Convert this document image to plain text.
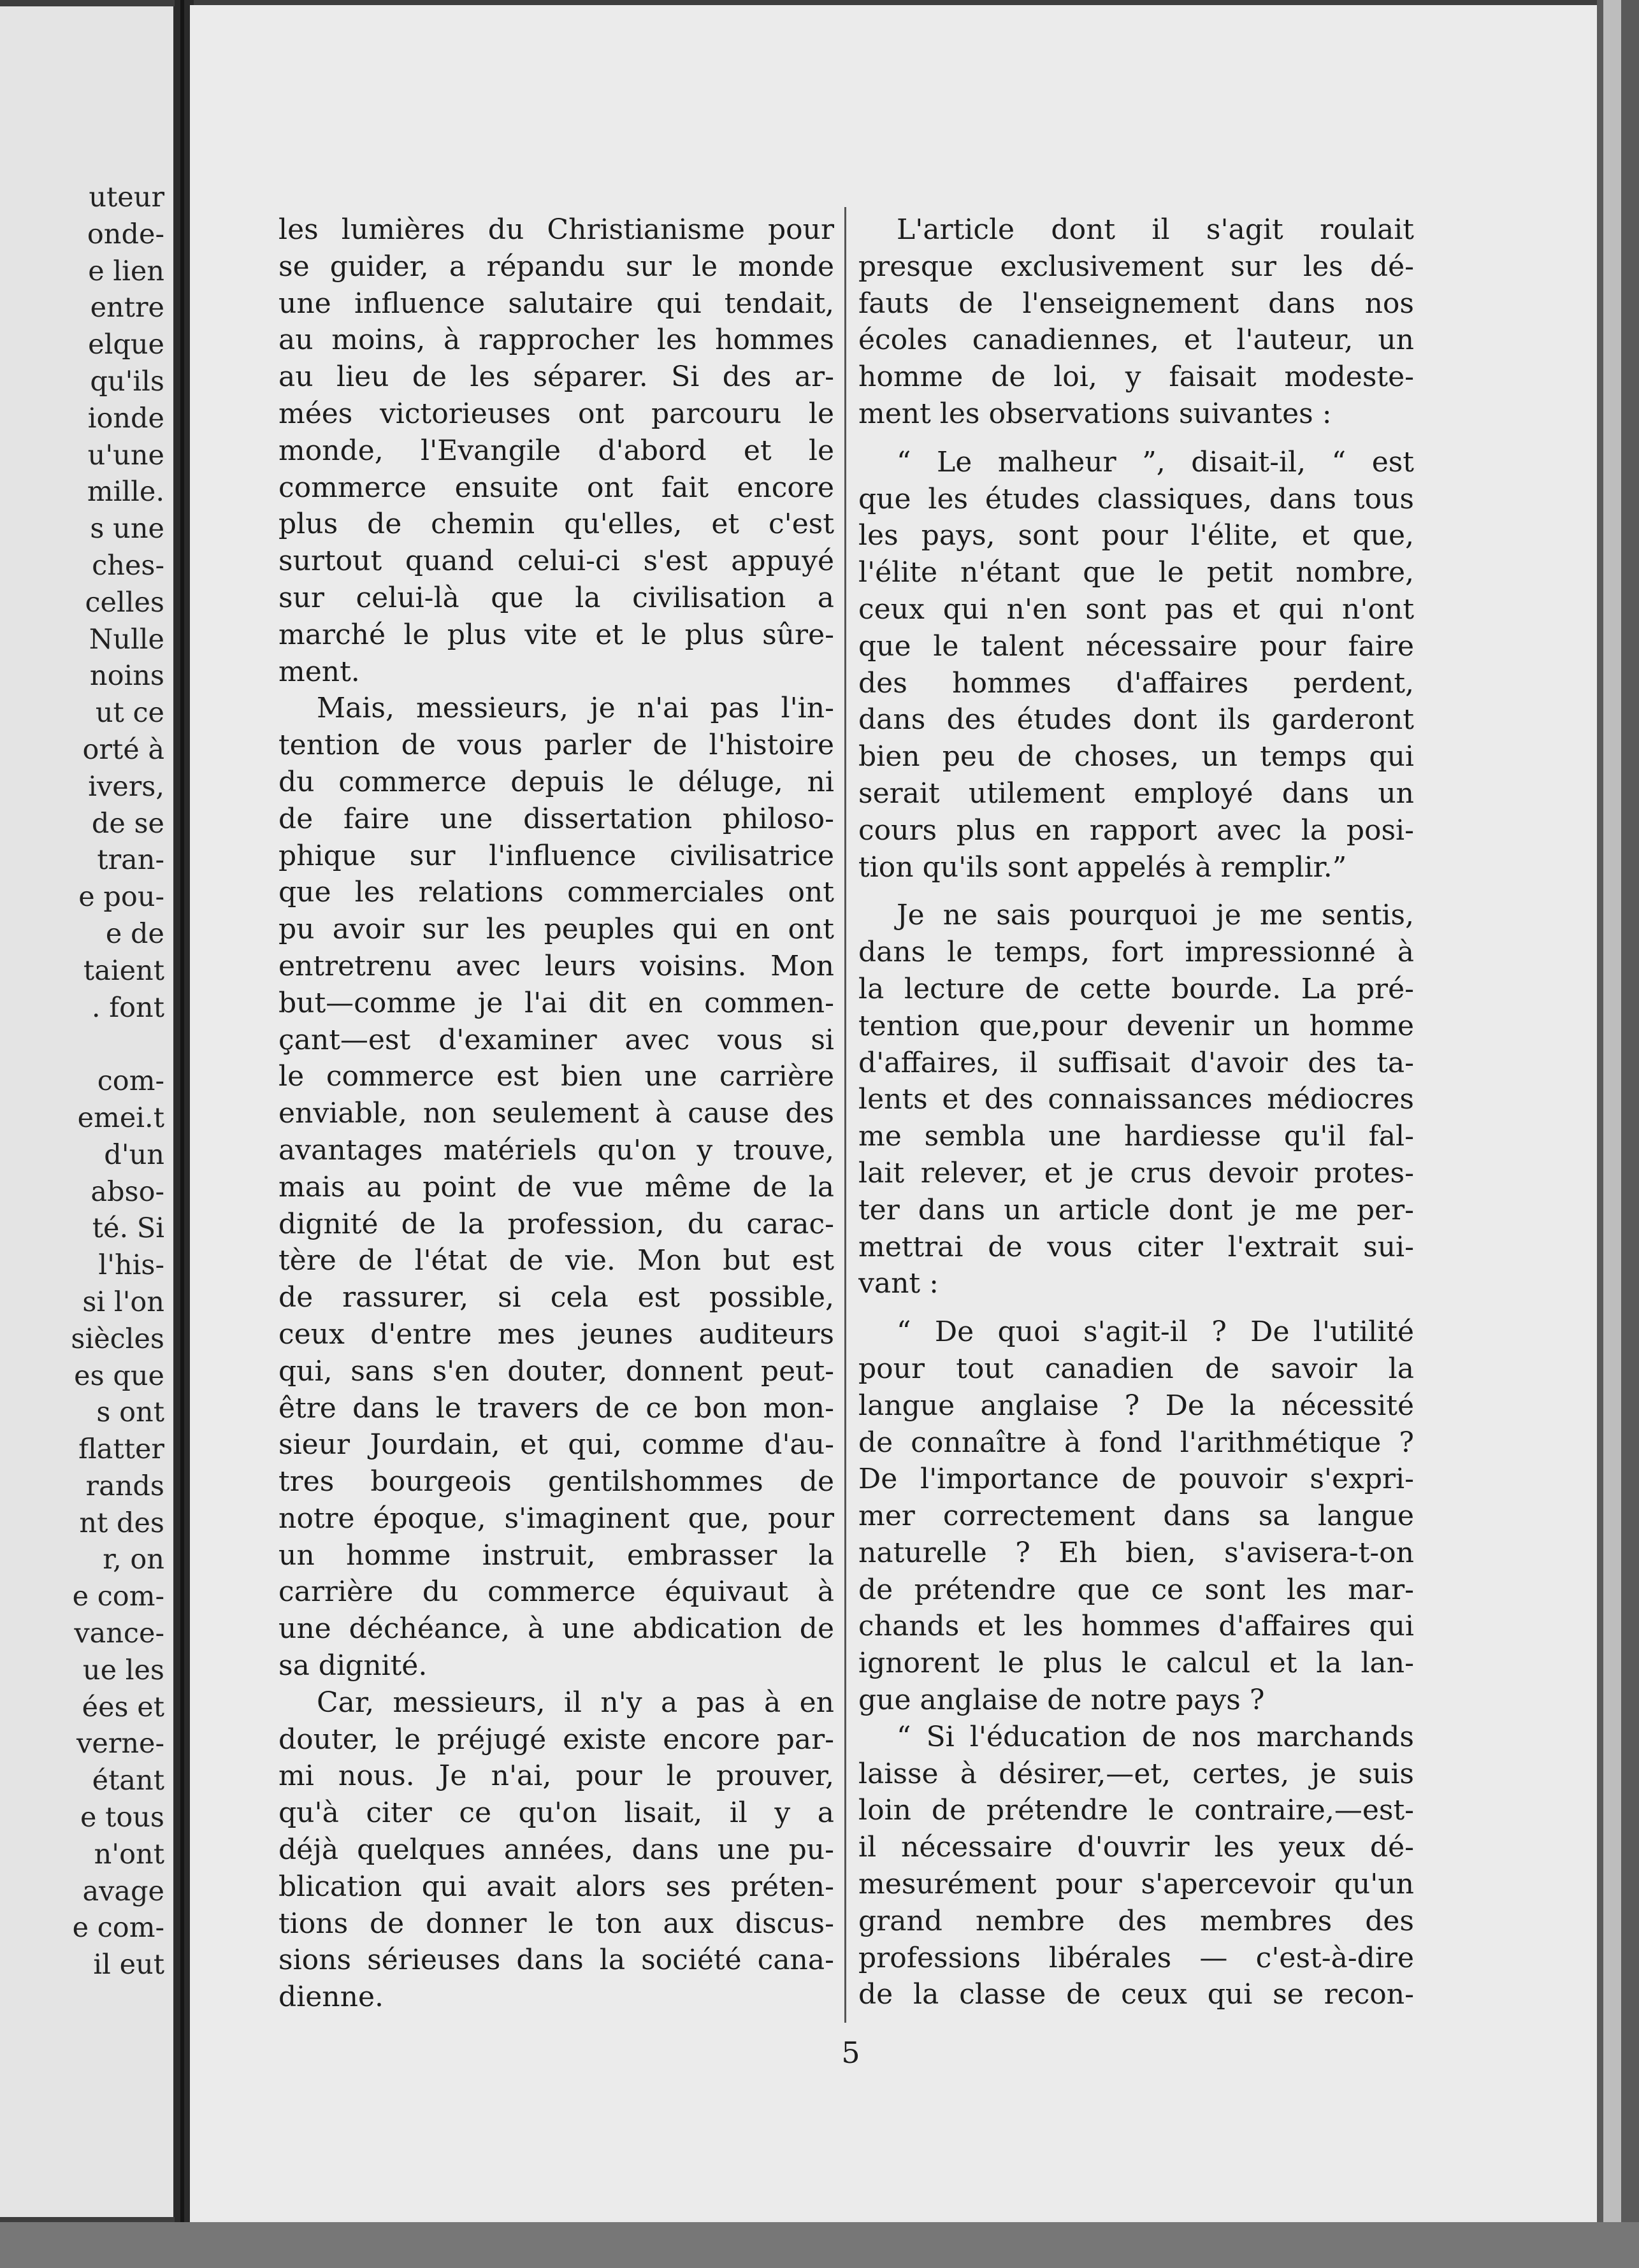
uteur
onde-
e lien
entre
elque
qu'ils
ionde
u'une
mille.
s une
ches-
celles
Nulle
noins
ut ce
orté à
ivers,
de se
tran-
e pou-
e de
taient
. font
com-
emei.t
d'un
abso-
té. Si
l'his-
si l'on
siècles
es que
s ont
flatter
rands
nt des
r, on
e com-
vance-
ue les
ées et
verne-
étant
e tous
n'ont
avage
e com-
il eut
les lumières du Christianisme pour
se guider, a répandu sur le monde
une influence salutaire qui tendait,
au moins, à rapprocher les hommes
au lieu de les séparer. Si des ar-
mées victorieuses ont parcouru le
monde, l'Evangile d'abord et le
commerce ensuite ont fait encore
plus de chemin qu'elles, et c'est
surtout quand celui-ci s'est appuyé
sur celui-là que la civilisation a
marché le plus vite et le plus sûre-
ment.
Mais, messieurs, je n'ai pas l'in-
tention de vous parler de l'histoire
du commerce depuis le déluge, ni
de faire une dissertation philoso-
phique sur l'influence civilisatrice
que les relations commerciales ont
pu avoir sur les peuples qui en ont
entretrenu avec leurs voisins. Mon
but—comme je l'ai dit en commen-
çant—est d'examiner avec vous si
le commerce est bien une carrière
enviable, non seulement à cause des
avantages matériels qu'on y trouve,
mais au point de vue même de la
dignité de la profession, du carac-
tère de l'état de vie. Mon but est
de rassurer, si cela est possible,
ceux d'entre mes jeunes auditeurs
qui, sans s'en douter, donnent peut-
être dans le travers de ce bon mon-
sieur Jourdain, et qui, comme d'au-
tres bourgeois gentilshommes de
notre époque, s'imaginent que, pour
un homme instruit, embrasser la
carrière du commerce équivaut à
une déchéance, à une abdication de
sa dignité.
Car, messieurs, il n'y a pas à en
douter, le préjugé existe encore par-
mi nous. Je n'ai, pour le prouver,
qu'à citer ce qu'on lisait, il y a
déjà quelques années, dans une pu-
blication qui avait alors ses préten-
tions de donner le ton aux discus-
sions sérieuses dans la société cana-
dienne.
L'article dont il s'agit roulait
presque exclusivement sur les dé-
fauts de l'enseignement dans nos
écoles canadiennes, et l'auteur, un
homme de loi, y faisait modeste-
ment les observations suivantes :
“ Le malheur ”, disait-il, “ est
que les études classiques, dans tous
les pays, sont pour l'élite, et que,
l'élite n'étant que le petit nombre,
ceux qui n'en sont pas et qui n'ont
que le talent nécessaire pour faire
des hommes d'affaires perdent,
dans des études dont ils garderont
bien peu de choses, un temps qui
serait utilement employé dans un
cours plus en rapport avec la posi-
tion qu'ils sont appelés à remplir.”
Je ne sais pourquoi je me sentis,
dans le temps, fort impressionné à
la lecture de cette bourde. La pré-
tention que,pour devenir un homme
d'affaires, il suffisait d'avoir des ta-
lents et des connaissances médiocres
me sembla une hardiesse qu'il fal-
lait relever, et je crus devoir protes-
ter dans un article dont je me per-
mettrai de vous citer l'extrait sui-
vant :
“ De quoi s'agit-il ? De l'utilité
pour tout canadien de savoir la
langue anglaise ? De la nécessité
de connaître à fond l'arithmétique ?
De l'importance de pouvoir s'expri-
mer correctement dans sa langue
naturelle ? Eh bien, s'avisera-t-on
de prétendre que ce sont les mar-
chands et les hommes d'affaires qui
ignorent le plus le calcul et la lan-
gue anglaise de notre pays ?
“ Si l'éducation de nos marchands
laisse à désirer,—et, certes, je suis
loin de prétendre le contraire,—est-
il nécessaire d'ouvrir les yeux dé-
mesurément pour s'apercevoir qu'un
grand nembre des membres des
professions libérales — c'est-à-dire
de la classe de ceux qui se recon-
5
